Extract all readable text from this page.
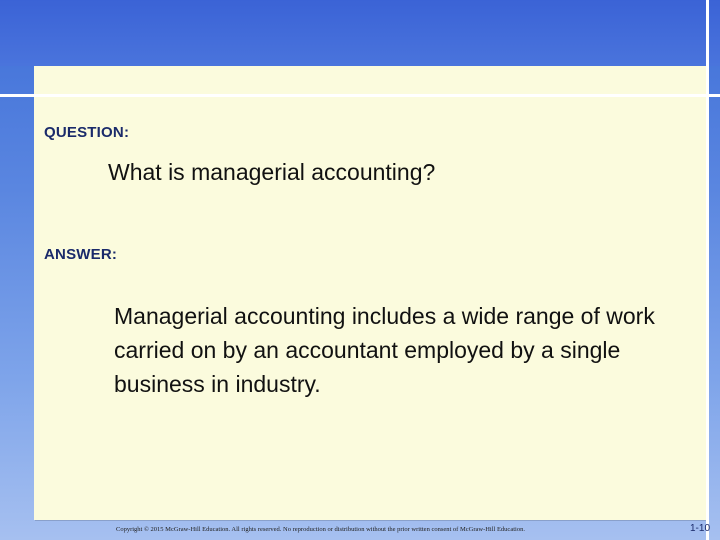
QUESTION:
What is managerial accounting?
ANSWER:
Managerial accounting includes a wide range of work carried on by an accountant employed by a single business in industry.
Copyright © 2015 McGraw-Hill Education. All rights reserved. No reproduction or distribution without the prior written consent of McGraw-Hill Education.	1-10
